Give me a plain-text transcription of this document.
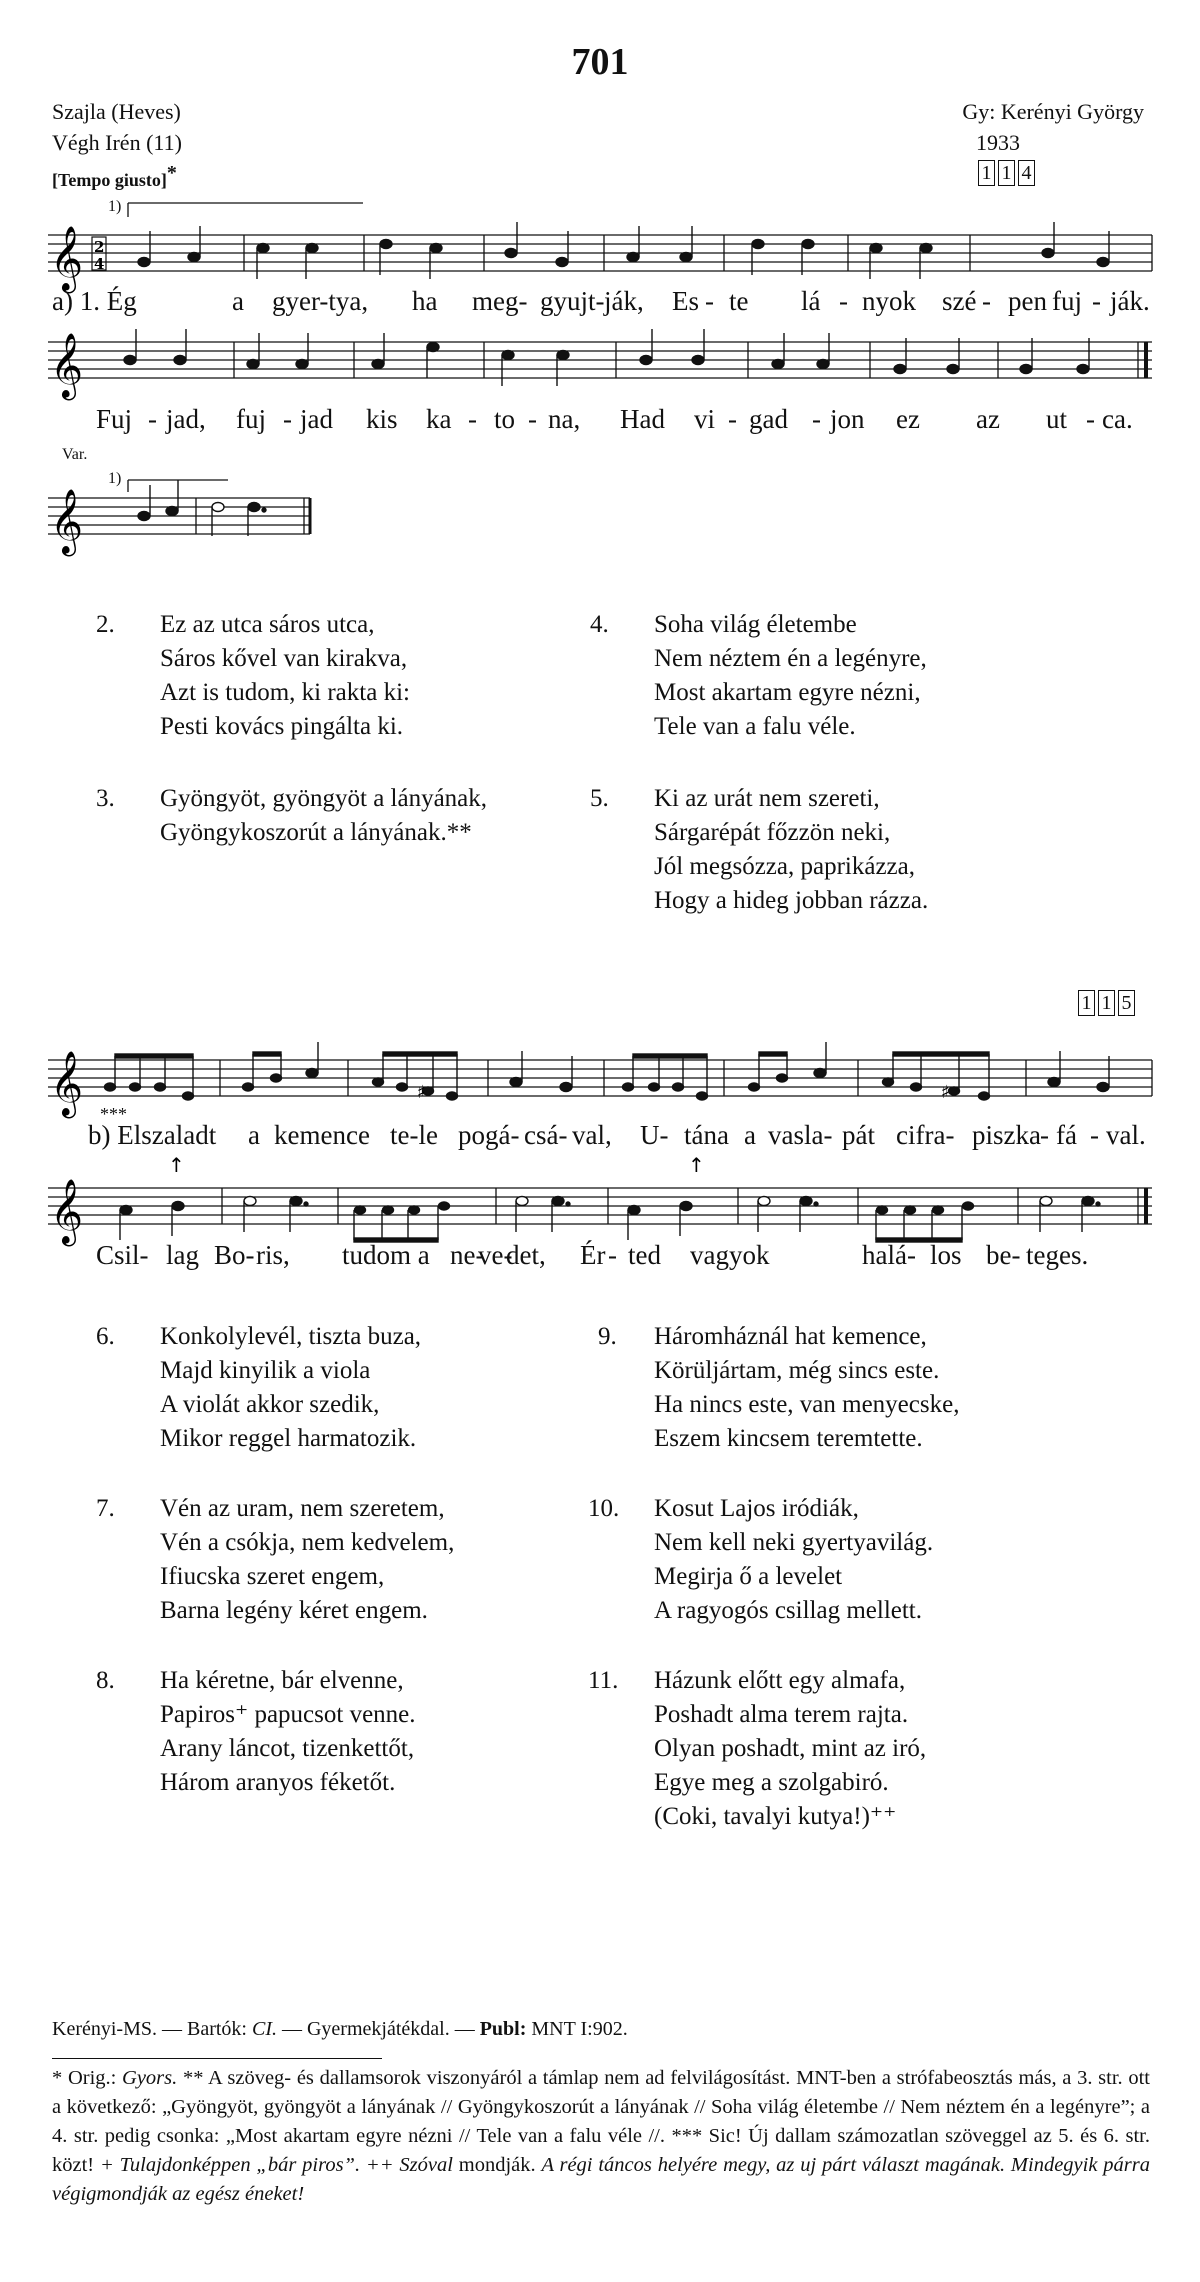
701
Szajla (Heves)
Végh Irén (11)
[Tempo giusto]*
Gy: Kerényi György
1933
1 1 4
1)
𝄞 2
4
a) 1. Ég	a gyer-tya, ha meg- gyujt- ják, Es - te lá - nyok szé - pen fuj - ják.
𝄞
Fuj - jad, fuj - jad kis ka - to - na, Had vi - gad - jon ez az ut - ca.
Var.
1)
𝄞
2. Ez az utca sáros utca,
Sáros kővel van kirakva,
Azt is tudom, ki rakta ki:
Pesti kovács pingálta ki.
4. Soha világ életembe
Nem néztem én a legényre,
Most akartam egyre nézni,
Tele van a falu véle.
3. Gyöngyöt, gyöngyöt a lányának,
Gyöngykoszorút a lányának.**
5. Ki az urát nem szereti,
Sárgarépát főzzön neki,
Jól megsózza, paprikázza,
Hogy a hideg jobban rázza.
1 1 5
𝄞	♯	♯
***
b) Elszaladt a kemence te-le pogá- csá- val, U- tána a vasla- pát cifra- piszka - fá - val.
𝄞
↑	↑
Csil- lag Bo- ris, tudom a ne-
ve-
det, Ér - ted vagyok	halá- los be- teges.
6. Konkolylevél, tiszta buza,
Majd kinyilik a viola
A violát akkor szedik,
Mikor reggel harmatozik.
9. Háromháznál hat kemence,
Körüljártam, még sincs este.
Ha nincs este, van menyecske,
Eszem kincsem teremtette.
7. Vén az uram, nem szeretem,
Vén a csókja, nem kedvelem,
Ifiucska szeret engem,
Barna legény kéret engem.
10. Kosut Lajos iródiák,
Nem kell neki gyertyavilág.
Megirja ő a levelet
A ragyogós csillag mellett.
8. Ha kéretne, bár elvenne,
Papiros⁺ papucsot venne.
Arany láncot, tizenkettőt,
Három aranyos féketőt.
11. Házunk előtt egy almafa,
Poshadt alma terem rajta.
Olyan poshadt, mint az iró,
Egye meg a szolgabiró.
(Coki, tavalyi kutya!)⁺⁺
Kerényi-MS. — Bartók: CI. — Gyermekjátékdal. — Publ: MNT I:902.
* Orig.: Gyors. ** A szöveg- és dallamsorok viszonyáról a támlap nem ad felvilágosítást. MNT-ben a strófabeosztás más, a 3. str. ott a következő: „Gyöngyöt, gyöngyöt a lányának // Gyöngykoszorút a lányának // Soha világ életembe // Nem néztem én a legényre”; a 4. str. pedig csonka: „Most akartam egyre nézni // Tele van a falu véle //. *** Sic! Új dallam számozatlan szöveggel az 5. és 6. str. közt! + Tulajdonképpen „bár piros”. ++ Szóval mondják. A régi táncos helyére megy, az uj párt választ magának. Mindegyik párra végigmondják az egész éneket!
